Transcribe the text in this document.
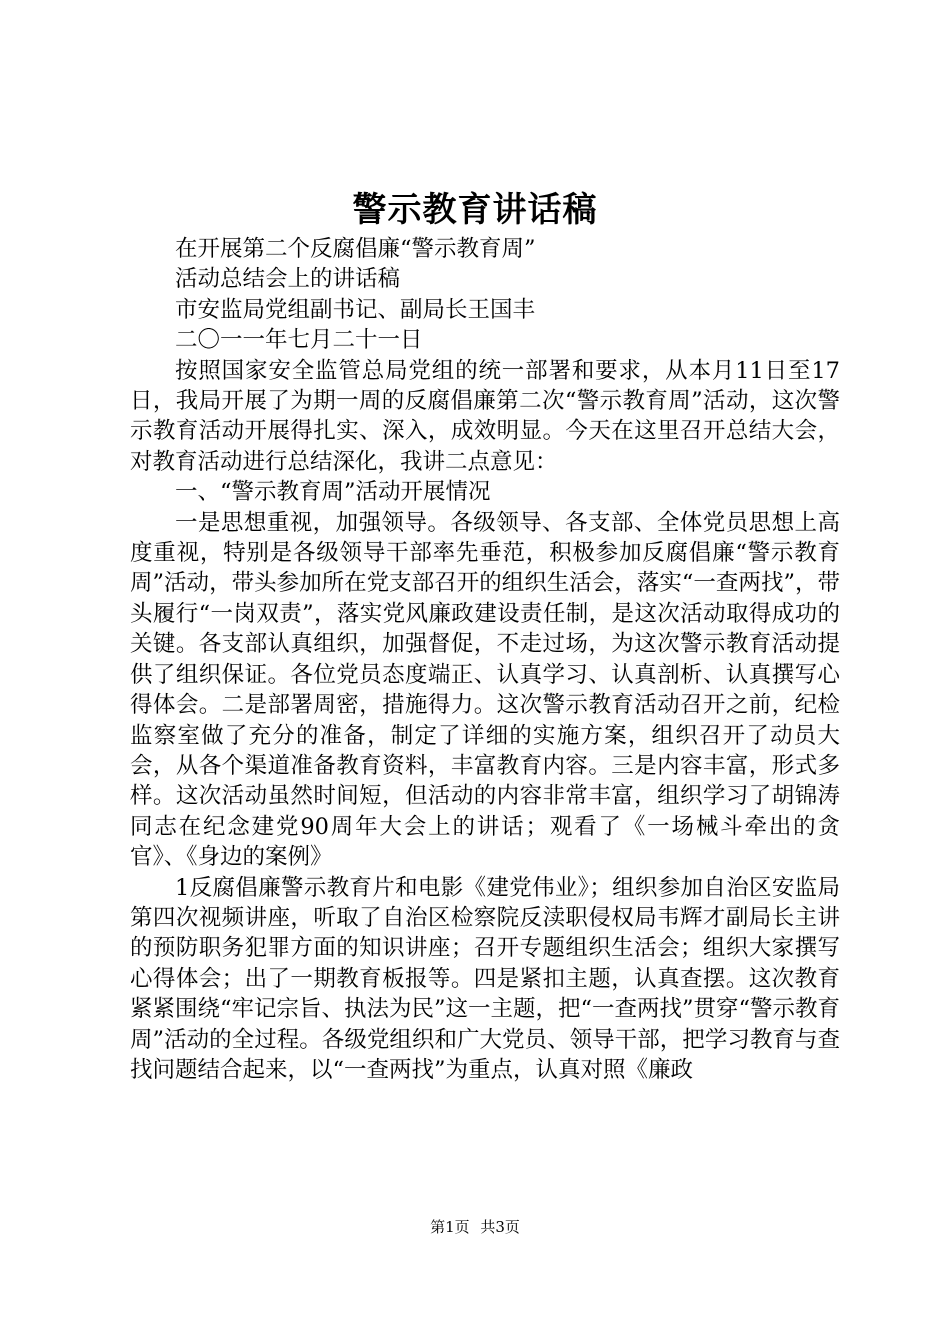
警示教育讲话稿

在开展第二个反腐倡廉“警示教育周”

活动总结会上的讲话稿

市安监局党组副书记、副局长王国丰

二〇一一年七月二十一日

按照国家安全监管总局党组的统一部署和要求，从本月11日至17日，我局开展了为期一周的反腐倡廉第二次“警示教育周”活动，这次警示教育活动开展得扎实、深入，成效明显。今天在这里召开总结大会，对教育活动进行总结深化，我讲二点意见：

一、“警示教育周”活动开展情况

一是思想重视，加强领导。各级领导、各支部、全体党员思想上高度重视，特别是各级领导干部率先垂范，积极参加反腐倡廉“警示教育周”活动，带头参加所在党支部召开的组织生活会，落实“一查两找”，带头履行“一岗双责”，落实党风廉政建设责任制，是这次活动取得成功的关键。各支部认真组织，加强督促，不走过场，为这次警示教育活动提供了组织保证。各位党员态度端正、认真学习、认真剖析、认真撰写心得体会。二是部署周密，措施得力。这次警示教育活动召开之前，纪检监察室做了充分的准备，制定了详细的实施方案，组织召开了动员大会，从各个渠道准备教育资料，丰富教育内容。三是内容丰富，形式多样。这次活动虽然时间短，但活动的内容非常丰富，组织学习了胡锦涛同志在纪念建党90周年大会上的讲话；观看了《一场械斗牵出的贪官》、《身边的案例》

1反腐倡廉警示教育片和电影《建党伟业》；组织参加自治区安监局第四次视频讲座，听取了自治区检察院反渎职侵权局韦辉才副局长主讲的预防职务犯罪方面的知识讲座；召开专题组织生活会；组织大家撰写心得体会；出了一期教育板报等。四是紧扣主题，认真查摆。这次教育紧紧围绕“牢记宗旨、执法为民”这一主题，把“一查两找”贯穿“警示教育周”活动的全过程。各级党组织和广大党员、领导干部，把学习教育与查找问题结合起来，以“一查两找”为重点，认真对照《廉政

第1页 共3页
